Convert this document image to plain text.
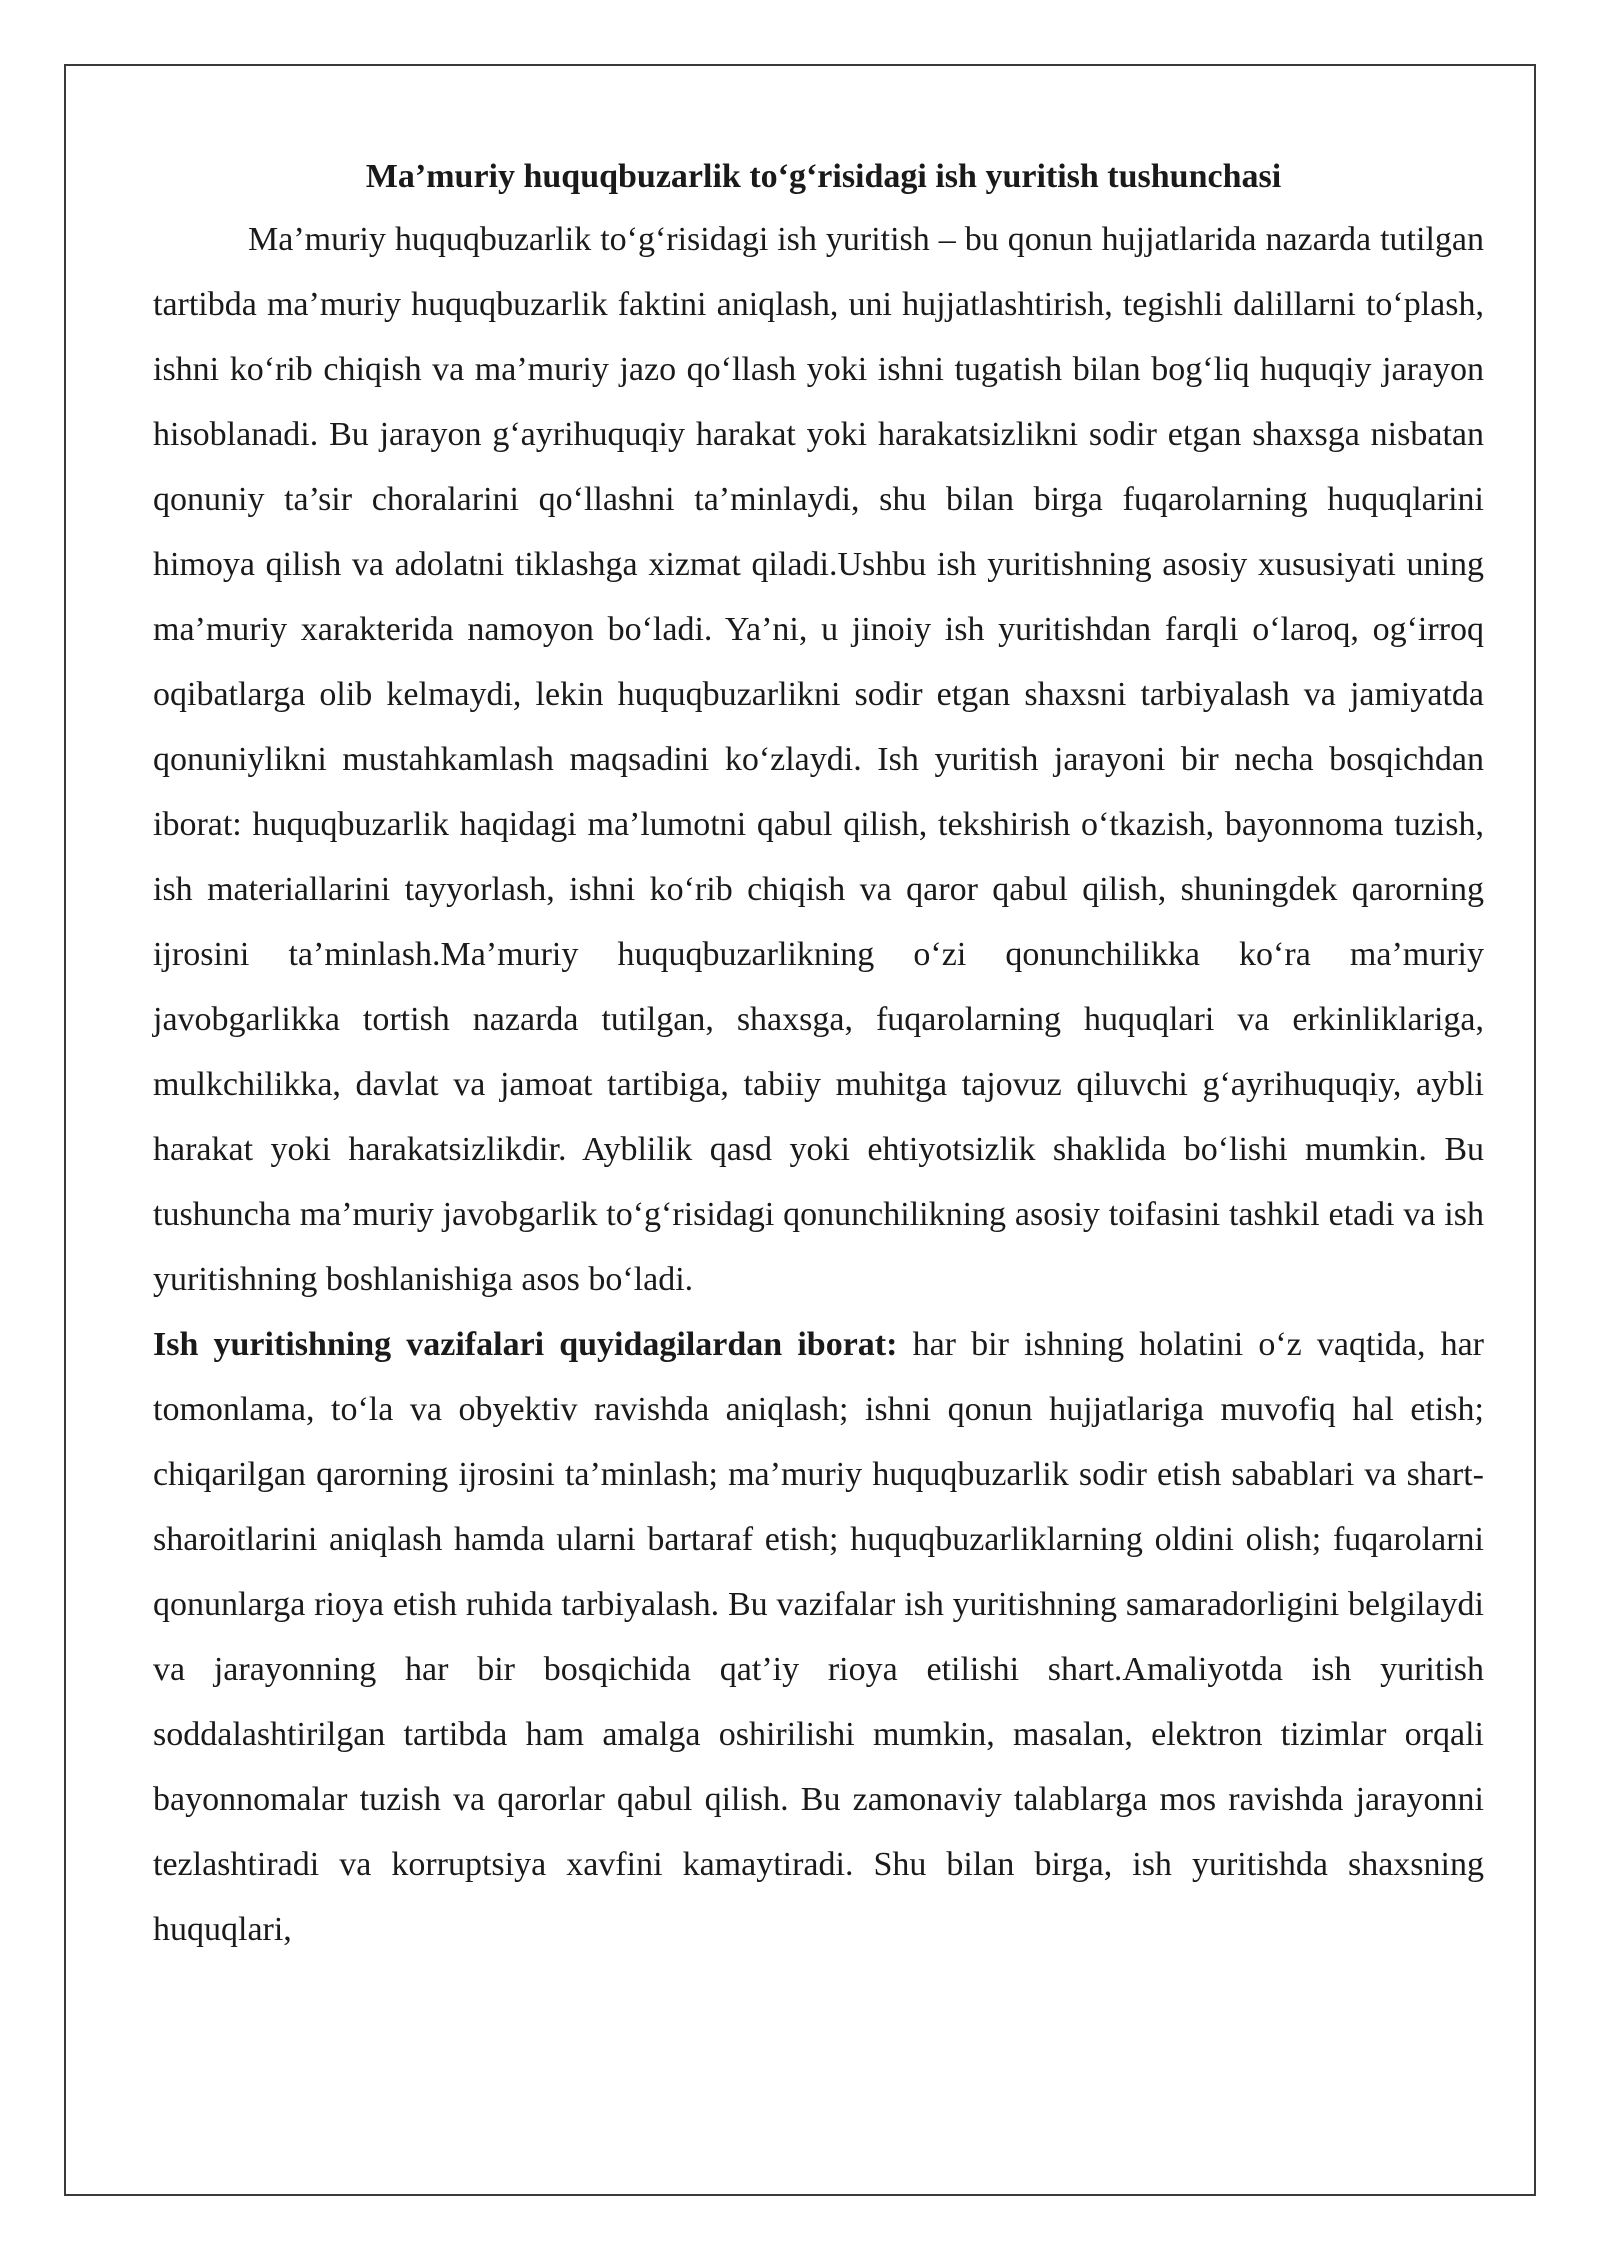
Ma’muriy huquqbuzarlik to‘g‘risidagi ish yuritish tushunchasi

Ma’muriy huquqbuzarlik to‘g‘risidagi ish yuritish – bu qonun hujjatlarida nazarda tutilgan tartibda ma’muriy huquqbuzarlik faktini aniqlash, uni hujjatlashtirish, tegishli dalillarni to‘plash, ishni ko‘rib chiqish va ma’muriy jazo qo‘llash yoki ishni tugatish bilan bog‘liq huquqiy jarayon hisoblanadi. Bu jarayon g‘ayrihuquqiy harakat yoki harakatsizlikni sodir etgan shaxsga nisbatan qonuniy ta’sir choralarini qo‘llashni ta’minlaydi, shu bilan birga fuqarolarning huquqlarini himoya qilish va adolatni tiklashga xizmat qiladi.Ushbu ish yuritishning asosiy xususiyati uning ma’muriy xarakterida namoyon bo‘ladi. Ya’ni, u jinoiy ish yuritishdan farqli o‘laroq, og‘irroq oqibatlarga olib kelmaydi, lekin huquqbuzarlikni sodir etgan shaxsni tarbiyalash va jamiyatda qonuniylikni mustahkamlash maqsadini ko‘zlaydi. Ish yuritish jarayoni bir necha bosqichdan iborat: huquqbuzarlik haqidagi ma’lumotni qabul qilish, tekshirish o‘tkazish, bayonnoma tuzish, ish materiallarini tayyorlash, ishni ko‘rib chiqish va qaror qabul qilish, shuningdek qarorning ijrosini ta’minlash.Ma’muriy huquqbuzarlikning o‘zi qonunchilikka ko‘ra ma’muriy javobgarlikka tortish nazarda tutilgan, shaxsga, fuqarolarning huquqlari va erkinliklariga, mulkchilikka, davlat va jamoat tartibiga, tabiiy muhitga tajovuz qiluvchi g‘ayrihuquqiy, aybli harakat yoki harakatsizlikdir. Ayblilik qasd yoki ehtiyotsizlik shaklida bo‘lishi mumkin. Bu tushuncha ma’muriy javobgarlik to‘g‘risidagi qonunchilikning asosiy toifasini tashkil etadi va ish yuritishning boshlanishiga asos bo‘ladi.

Ish yuritishning vazifalari quyidagilardan iborat: har bir ishning holatini o‘z vaqtida, har tomonlama, to‘la va obyektiv ravishda aniqlash; ishni qonun hujjatlariga muvofiq hal etish; chiqarilgan qarorning ijrosini ta’minlash; ma’muriy huquqbuzarlik sodir etish sabablari va shart-sharoitlarini aniqlash hamda ularni bartaraf etish; huquqbuzarliklarning oldini olish; fuqarolarni qonunlarga rioya etish ruhida tarbiyalash. Bu vazifalar ish yuritishning samaradorligini belgilaydi va jarayonning har bir bosqichida qat’iy rioya etilishi shart.Amaliyotda ish yuritish soddalashtirilgan tartibda ham amalga oshirilishi mumkin, masalan, elektron tizimlar orqali bayonnomalar tuzish va qarorlar qabul qilish. Bu zamonaviy talablarga mos ravishda jarayonni tezlashtiradi va korruptsiya xavfini kamaytiradi. Shu bilan birga, ish yuritishda shaxsning huquqlari,
